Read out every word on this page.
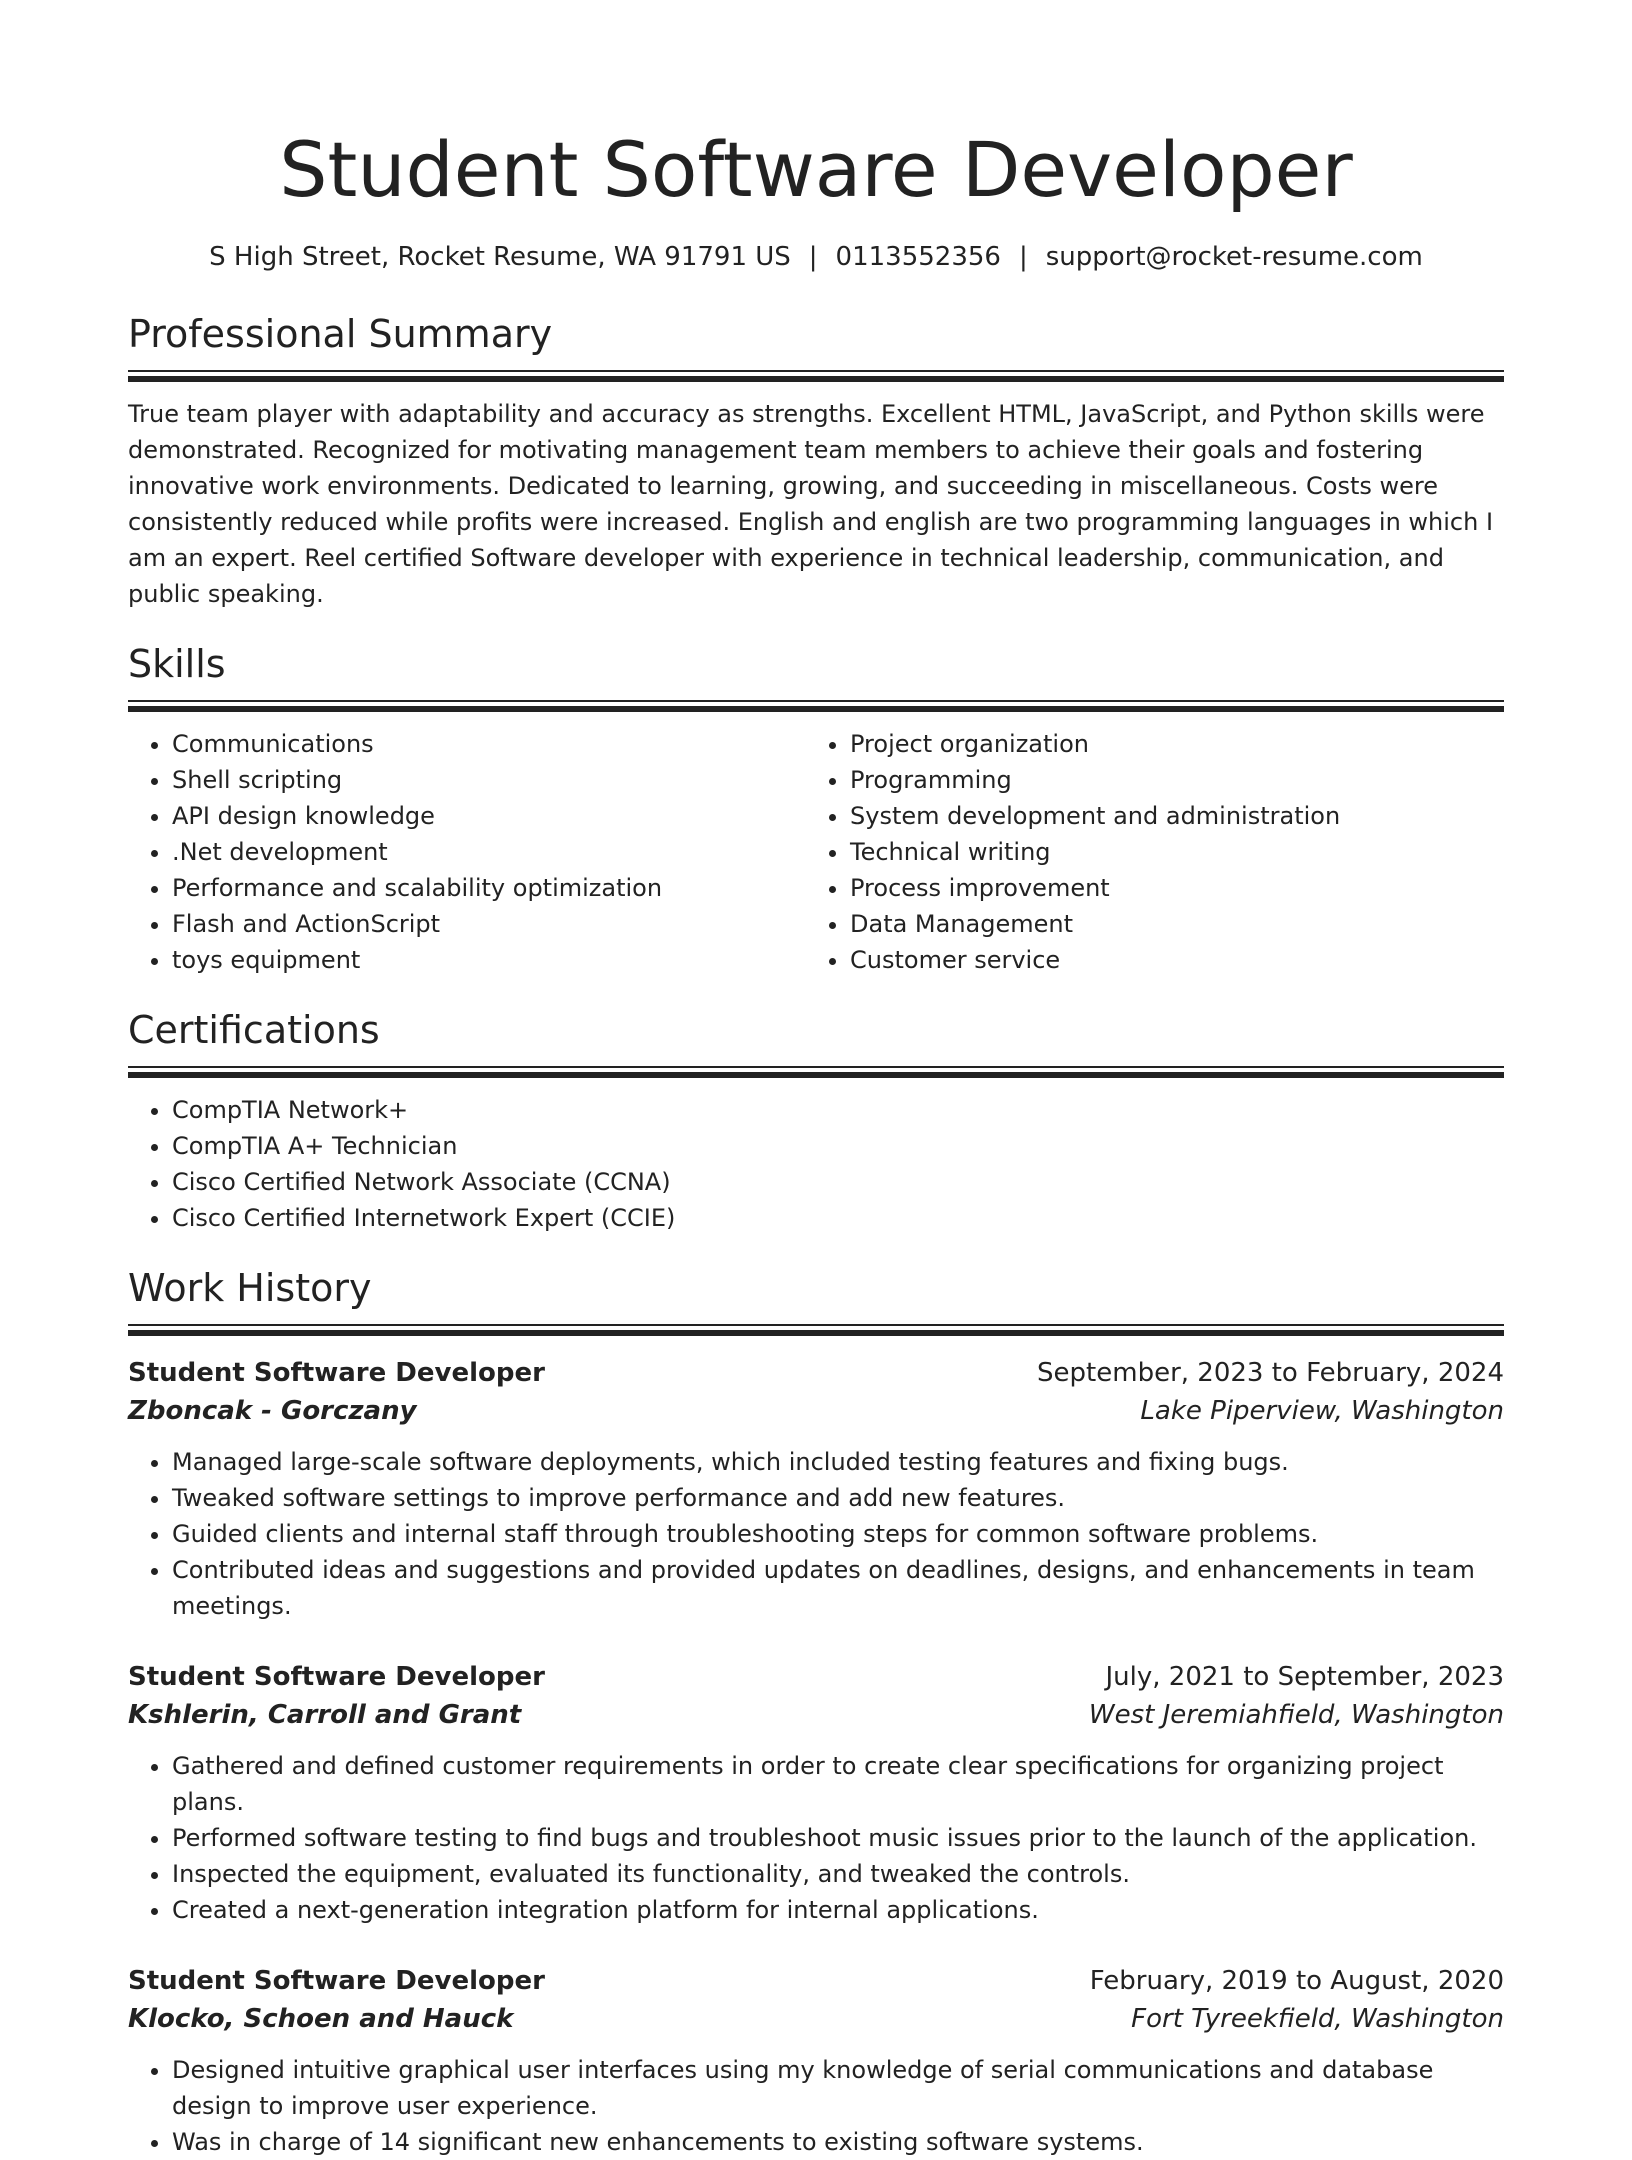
Student Software Developer
S High Street, Rocket Resume, WA 91791 US | 0113552356 | support@rocket-resume.com
Professional Summary

True team player with adaptability and accuracy as strengths. Excellent HTML, JavaScript, and Python skills were demonstrated. Recognized for motivating management team members to achieve their goals and fostering innovative work environments. Dedicated to learning, growing, and succeeding in miscellaneous. Costs were consistently reduced while profits were increased. English and english are two programming languages in which I am an expert. Reel certified Software developer with experience in technical leadership, communication, and public speaking.

Skills
• Communications
• Shell scripting
• API design knowledge
• .Net development
• Performance and scalability optimization
• Flash and ActionScript
• toys equipment
• Project organization
• Programming
• System development and administration
• Technical writing
• Process improvement
• Data Management
• Customer service
Certifications
• CompTIA Network+
• CompTIA A+ Technician
• Cisco Certified Network Associate (CCNA)
• Cisco Certified Internetwork Expert (CCIE)
Work History
Student Software Developer	September, 2023 to February, 2024
Zboncak - Gorczany	Lake Piperview, Washington
• Managed large-scale software deployments, which included testing features and fixing bugs.
• Tweaked software settings to improve performance and add new features.
• Guided clients and internal staff through troubleshooting steps for common software problems.
• Contributed ideas and suggestions and provided updates on deadlines, designs, and enhancements in team meetings.
Student Software Developer	July, 2021 to September, 2023
Kshlerin, Carroll and Grant	West Jeremiahfield, Washington
• Gathered and defined customer requirements in order to create clear specifications for organizing project plans.
• Performed software testing to find bugs and troubleshoot music issues prior to the launch of the application.
• Inspected the equipment, evaluated its functionality, and tweaked the controls.
• Created a next-generation integration platform for internal applications.
Student Software Developer	February, 2019 to August, 2020
Klocko, Schoen and Hauck	Fort Tyreekfield, Washington
• Designed intuitive graphical user interfaces using my knowledge of serial communications and database design to improve user experience.
• Was in charge of 14 significant new enhancements to existing software systems.
